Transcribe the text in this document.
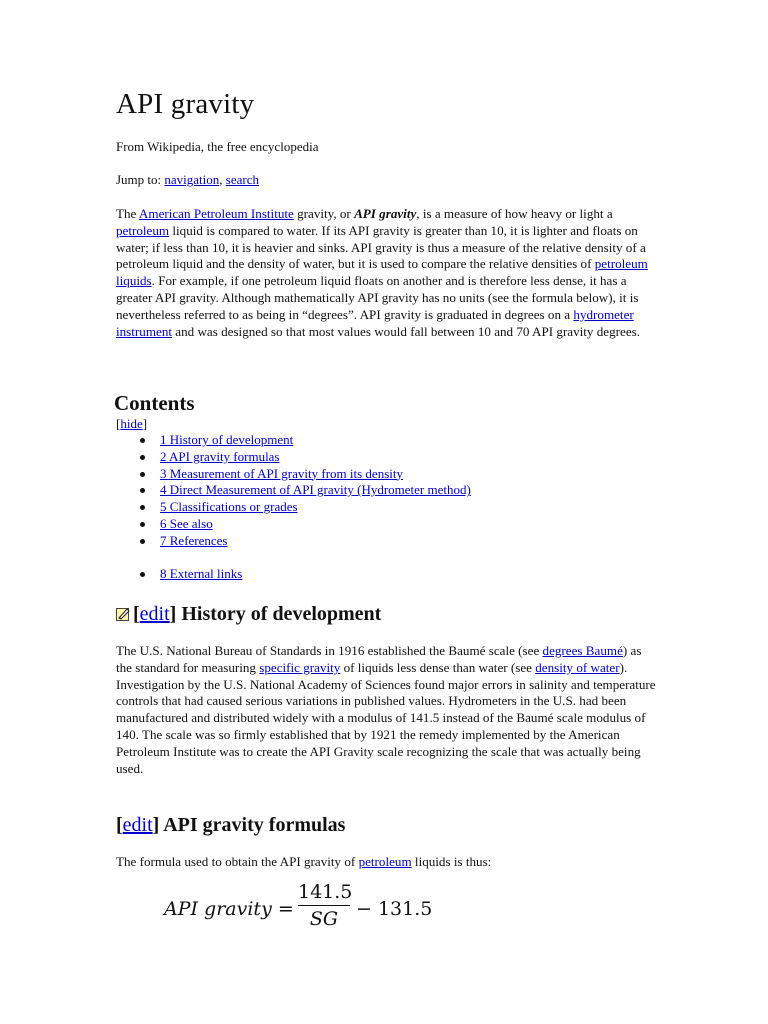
API gravity
From Wikipedia, the free encyclopedia
Jump to: navigation, search

The American Petroleum Institute gravity, or API gravity, is a measure of how heavy or light a petroleum liquid is compared to water. If its API gravity is greater than 10, it is lighter and floats on water; if less than 10, it is heavier and sinks. API gravity is thus a measure of the relative density of a petroleum liquid and the density of water, but it is used to compare the relative densities of petroleum liquids. For example, if one petroleum liquid floats on another and is therefore less dense, it has a greater API gravity. Although mathematically API gravity has no units (see the formula below), it is nevertheless referred to as being in “degrees”. API gravity is graduated in degrees on a hydrometer instrument and was designed so that most values would fall between 10 and 70 API gravity degrees.

Contents
[hide]
1 History of development
2 API gravity formulas
3 Measurement of API gravity from its density
4 Direct Measurement of API gravity (Hydrometer method)
5 Classifications or grades
6 See also
7 References
8 External links
[edit] History of development

The U.S. National Bureau of Standards in 1916 established the Baumé scale (see degrees Baumé) as the standard for measuring specific gravity of liquids less dense than water (see density of water). Investigation by the U.S. National Academy of Sciences found major errors in salinity and temperature controls that had caused serious variations in published values. Hydrometers in the U.S. had been manufactured and distributed widely with a modulus of 141.5 instead of the Baumé scale modulus of 140. The scale was so firmly established that by 1921 the remedy implemented by the American Petroleum Institute was to create the API Gravity scale recognizing the scale that was actually being used.

[edit] API gravity formulas

The formula used to obtain the API gravity of petroleum liquids is thus:

API gravity =
141.5
SG − 131.5
